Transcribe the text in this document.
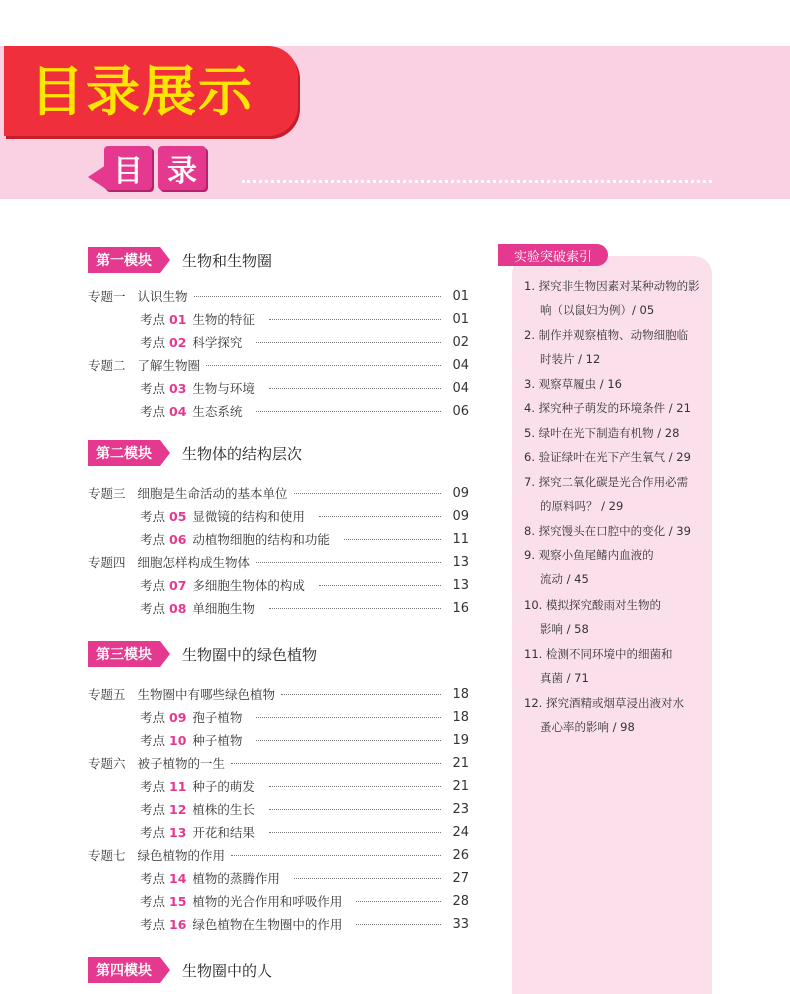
目录展示
目 录
第一模块	生物和生物圈
专题一 认识生物	01
考点 01 生物的特征	01
考点 02 科学探究	02
专题二 了解生物圈	04
考点 03 生物与环境	04
考点 04 生态系统	06
第二模块	生物体的结构层次
专题三 细胞是生命活动的基本单位	09
考点 05 显微镜的结构和使用	09
考点 06 动植物细胞的结构和功能	11
专题四 细胞怎样构成生物体	13
考点 07 多细胞生物体的构成	13
考点 08 单细胞生物	16
第三模块	生物圈中的绿色植物
专题五 生物圈中有哪些绿色植物	18
考点 09 孢子植物	18
考点 10 种子植物	19
专题六 被子植物的一生	21
考点 11 种子的萌发	21
考点 12 植株的生长	23
考点 13 开花和结果	24
专题七 绿色植物的作用	26
考点 14 植物的蒸腾作用	27
考点 15 植物的光合作用和呼吸作用	28
考点 16 绿色植物在生物圈中的作用	33
第四模块	生物圈中的人
实验突破索引
1. 探究非生物因素对某种动物的影
响（以鼠妇为例）/ 05
2. 制作并观察植物、动物细胞临
时装片 / 12
3. 观察草履虫 / 16
4. 探究种子萌发的环境条件 / 21
5. 绿叶在光下制造有机物 / 28
6. 验证绿叶在光下产生氧气 / 29
7. 探究二氧化碳是光合作用必需
的原料吗？ / 29
8. 探究馒头在口腔中的变化 / 39
9. 观察小鱼尾鳍内血液的
流动 / 45
10. 模拟探究酸雨对生物的
影响 / 58
11. 检测不同环境中的细菌和
真菌 / 71
12. 探究酒精或烟草浸出液对水
蚤心率的影响 / 98
